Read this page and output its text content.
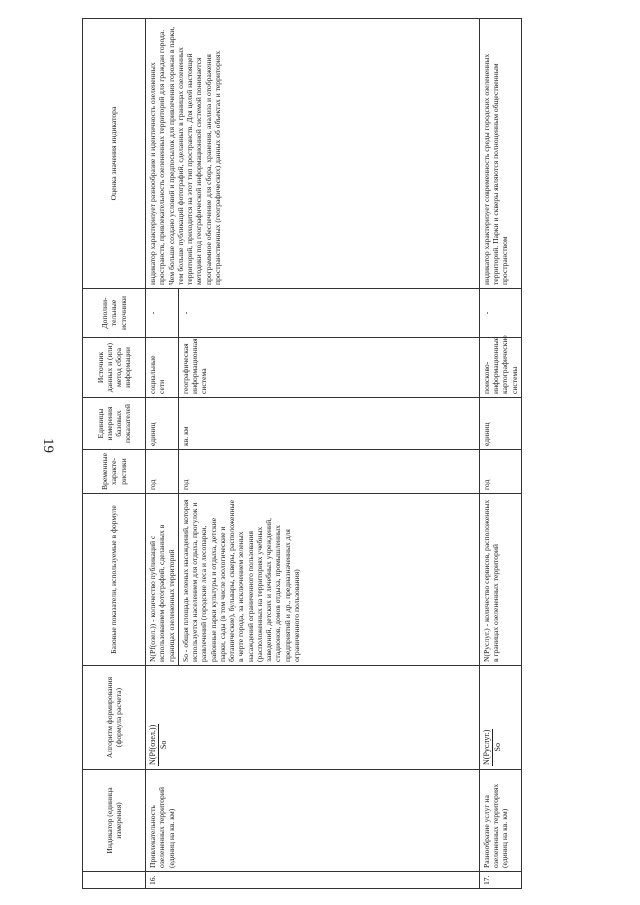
19
	Индикатор (единица измерения)	Алгоритм формирования (формула расчета)	Базовые показатели, используемые в формуле	Временные характе- ристики	Единицы измерения базовых показателей	Источник данных и (или) метод сбора информации	Дополни- тельные источники	Оценка значения индикатора
16.	Привлекательность озелененных территорий (единиц на кв. км)	N(Pf(озел.)) So	N(Pf(озел.)) - количество публикаций с использованием фотографий, сделанных в границах озелененных территорий	год	единиц	социальные сети	-	индикатор характеризует разнообразие и идентичность озелененных пространств, привлекательность озелененных территорий для граждан города. Чем больше создано условий и предпосылок для привлечения горожан в парки, тем больше публикаций фотографий, сделанных в границах озелененных территорий, приходится на этот тип пространств. Для целей настоящей методики под географической информационной системой понимается программное обеспечение для сбора, хранения, анализа и отображения пространственных (географических) данных об объектах и территориях
			So - общая площадь зеленых насаждений, которая используется населением для отдыха, прогулок и развлечений (городские леса и лесопарки, районные парки культуры и отдыха, детские парки, сады (в том числе зоологические и ботанические), бульвары, скверы, расположенные в черте города, за исключением зеленых насаждений ограниченного пользования (расположенных на территориях учебных заведений, детских и лечебных учреждений, стадионов, домов отдыха, промышленных предприятий и др., предназначенных для ограниченного пользования)	год	кв. км	географическая информационная система	-	
17.	Разнообразие услуг на озелененных территориях (единиц на кв. км)	N(Pуслуг.) So	N(Pуслуг.) - количество сервисов, расположенных в границах озелененных территорий	год	единиц	поисково-информационные картографические системы	-	индикатор характеризует современность среды городских озелененных территорий. Парки и скверы являются полноценным общественным пространством
